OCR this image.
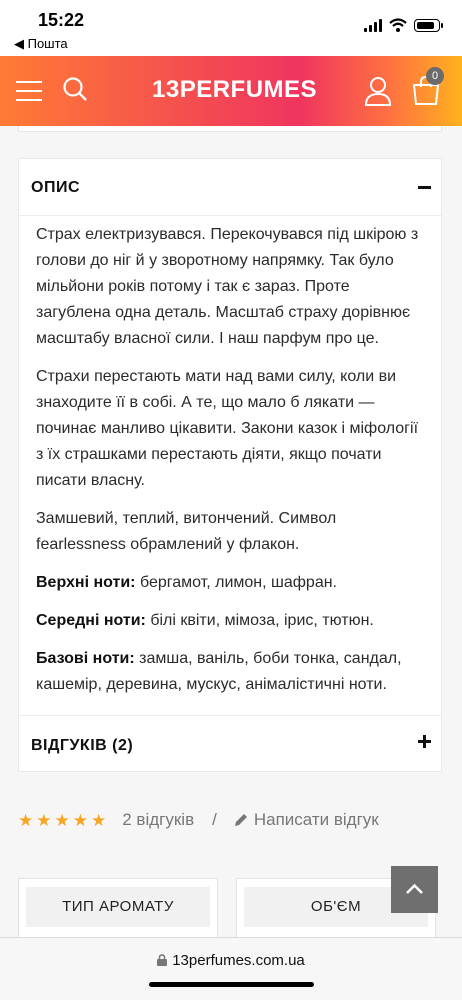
15:22
◀ Пошта
13PERFUMES	0
ОПИС

Страх електризувався. Перекочувався під шкірою з голови до ніг й у зворотному напрямку. Так було мільйони років потому і так є зараз. Проте загублена одна деталь. Масштаб страху дорівнює масштабу власної сили. І наш парфум про це.

Страхи перестають мати над вами силу, коли ви знаходите її в собі. А те, що мало б лякати — починає манливо цікавити. Закони казок і міфології з їх страшками перестають діяти, якщо почати писати власну.

Замшевий, теплий, витончений. Символ fearlessness обрамлений у флакон.

Верхні ноти: бергамот, лимон, шафран.

Середні ноти: білі квіти, мімоза, ірис, тютюн.

Базові ноти: замша, ваніль, боби тонка, сандал, кашемір, деревина, мускус, анімалістичні ноти.

ВІДГУКІВ (2)
★ ★ ★ ★ ★ 2 відгуків / Написати відгук
ТИП АРОМАТУ	ОБ'ЄМ
13perfumes.com.ua
